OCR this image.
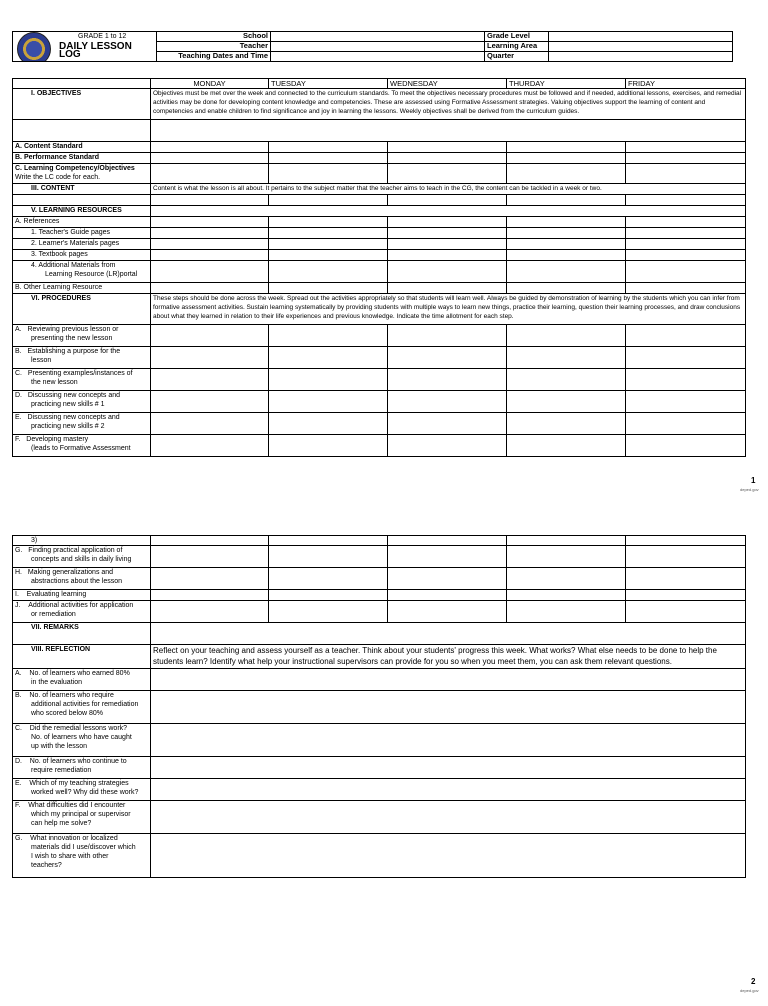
GRADE 1 to 12
DAILY LESSON LOG	School		Grade Level	
	Teacher		Learning Area	
	Teaching Dates and Time		Quarter	
	MONDAY	TUESDAY	WEDNESDAY	THURDAY	FRIDAY
I. OBJECTIVES	Objectives must be met over the week and connected to the curriculum standards. To meet the objectives necessary procedures must be followed and if needed, additional lessons, exercises, and remedial activities may be done for developing content knowledge and competencies. These are assessed using Formative Assessment strategies. Valuing objectives support the learning of content and competencies and enable children to find significance and joy in learning the lessons. Weekly objectives shall be derived from the curriculum guides.				

A. Content Standard					
B. Performance Standard					

C. Learning Competency/Objectives
Write the LC code for each.					

III. CONTENT	Content is what the lesson is all about. It pertains to the subject matter that the teacher aims to teach in the CG, the content can be tackled in a week or two.				

V. LEARNING RESOURCES					
A. References					
1. Teacher's Guide pages					
2. Learner's Materials pages					
3. Textbook pages					

4. Additional Materials from
Learning Resource (LR)portal					

B. Other Learning Resource					
VI. PROCEDURES	These steps should be done across the week. Spread out the activities appropriately so that students will learn well. Always be guided by demonstration of learning by the students which you can infer from formative assessment activities. Sustain learning systematically by providing students with multiple ways to learn new things, practice their learning, question their learning processes, and draw conclusions about what they learned in relation to their life experiences and previous knowledge. Indicate the time allotment for each step.				
A. Reviewing previous lesson or
presenting the new lesson					

B. Establishing a purpose for the
lesson					

C. Presenting examples/instances of
the new lesson					

D. Discussing new concepts and
practicing new skills # 1					

E. Discussing new concepts and
practicing new skills # 2					

F. Developing mastery
(leads to Formative Assessment					

1
deped.gov
3)					
G. Finding practical application of
concepts and skills in daily living					

H. Making generalizations and
abstractions about the lesson					

I. Evaluating learning					
J. Additional activities for application
or remediation					

VII. REMARKS					
VIII. REFLECTION	Reflect on your teaching and assess yourself as a teacher. Think about your students' progress this week. What works? What else needs to be done to help the students learn? Identify what help your instructional supervisors can provide for you so when you meet them, you can ask them relevant questions.				
A. No. of learners who earned 80%
in the evaluation					

B. No. of learners who require
additional activities for remediation
who scored below 80%					

C. Did the remedial lessons work?
No. of learners who have caught
up with the lesson					

D. No. of learners who continue to
require remediation					

E. Which of my teaching strategies
worked well? Why did these work?					

F. What difficulties did I encounter
which my principal or supervisor
can help me solve?					

G. What innovation or localized
materials did I use/discover which
I wish to share with other
teachers?					

2
deped.gov
